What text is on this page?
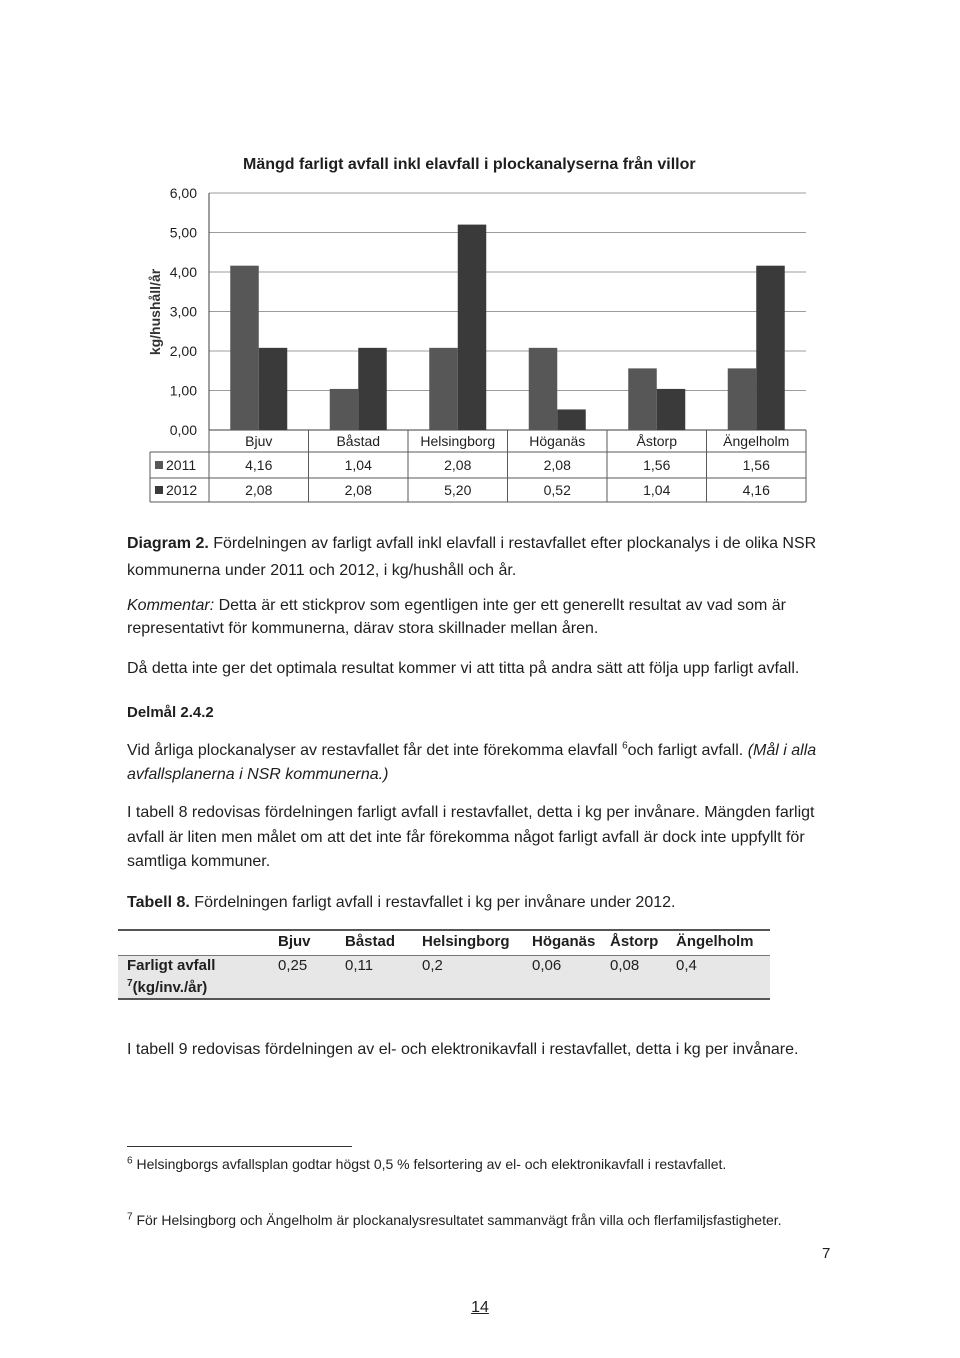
Mängd farligt avfall inkl elavfall i plockanalyserna från villor
kg/hushåll/år
0,00
1,00
2,00
3,00
4,00
5,00
6,00
Bjuv	Båstad	Helsingborg Höganäs	Åstorp	Ängelholm
2011	4,16	1,04	2,08	2,08	1,56	1,56
2012	2,08	2,08	5,20	0,52	1,04	4,16
Diagram 2. Fördelningen av farligt avfall inkl elavfall i restavfallet efter plockanalys i de olika NSR
kommunerna under 2011 och 2012, i kg/hushåll och år.
Kommentar: Detta är ett stickprov som egentligen inte ger ett generellt resultat av vad som är
representativt för kommunerna, därav stora skillnader mellan åren.
Då detta inte ger det optimala resultat kommer vi att titta på andra sätt att följa upp farligt avfall.
Delmål 2.4.2
Vid årliga plockanalyser av restavfallet får det inte förekomma elavfall $^6$och farligt avfall. (Mål i alla
avfallsplanerna i NSR kommunerna.)
I tabell 8 redovisas fördelningen farligt avfall i restavfallet, detta i kg per invånare. Mängden farligt
avfall är liten men målet om att det inte får förekomma något farligt avfall är dock inte uppfyllt för
samtliga kommuner.
Tabell 8. Fördelningen farligt avfall i restavfallet i kg per invånare under 2012.
Bjuv Båstad Helsingborg Höganäs Åstorp Ängelholm
Farligt avfall
$^7$(kg/inv./år)
0,25	0,11	0,2	0,06	0,08 0,4
I tabell 9 redovisas fördelningen av el- och elektronikavfall i restavfallet, detta i kg per invånare.
$^6$ Helsingborgs avfallsplan godtar högst 0,5 % felsortering av el- och elektronikavfall i restavfallet.
$^7$ För Helsingborg och Ängelholm är plockanalysresultatet sammanvägt från villa och flerfamiljsfastigheter.
7
14
